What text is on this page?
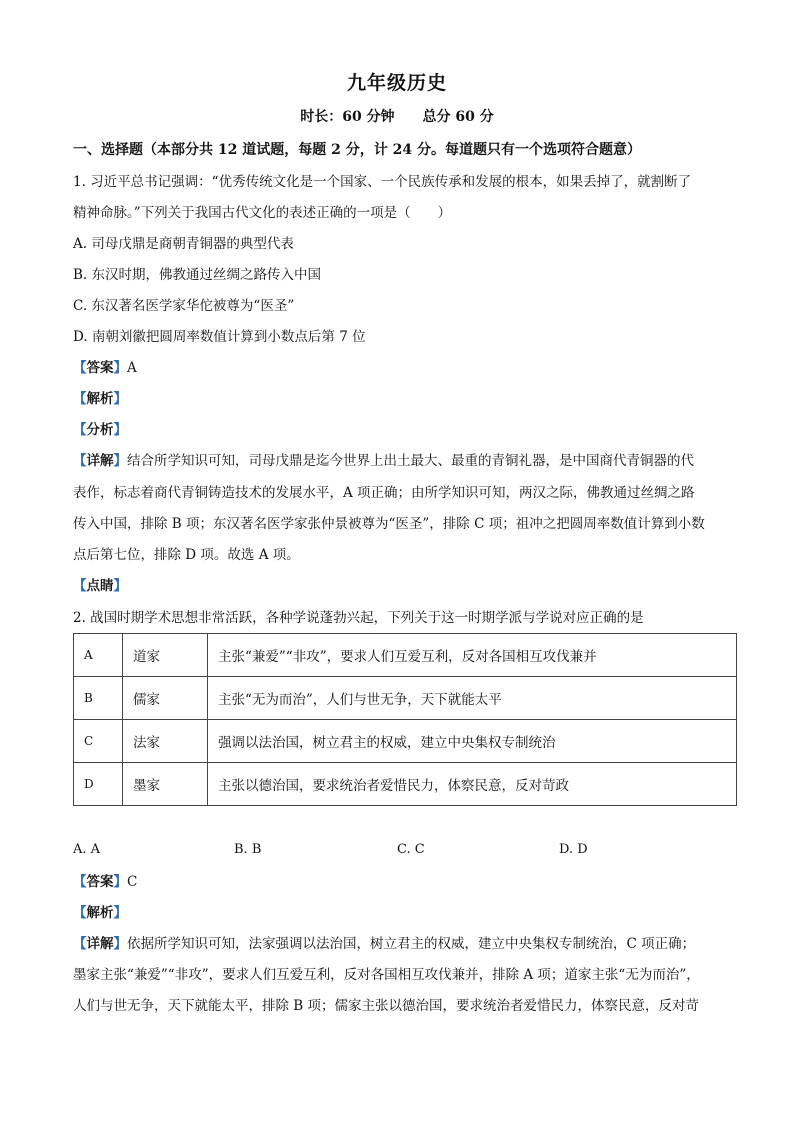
九年级历史
时长：60 分钟　　总分 60 分
一、选择题（本部分共 12 道试题，每题 2 分，计 24 分。每道题只有一个选项符合题意）
1. 习近平总书记强调：“优秀传统文化是一个国家、一个民族传承和发展的根本，如果丢掉了，就割断了
精神命脉。”下列关于我国古代文化的表述正确的一项是（　　）
A. 司母戊鼎是商朝青铜器的典型代表
B. 东汉时期，佛教通过丝绸之路传入中国
C. 东汉著名医学家华佗被尊为“医圣”
D. 南朝刘徽把圆周率数值计算到小数点后第 7 位
【答案】A
【解析】
【分析】
【详解】结合所学知识可知，司母戊鼎是迄今世界上出土最大、最重的青铜礼器，是中国商代青铜器的代
表作，标志着商代青铜铸造技术的发展水平，A 项正确；由所学知识可知，两汉之际，佛教通过丝绸之路
传入中国，排除 B 项；东汉著名医学家张仲景被尊为“医圣”，排除 C 项；祖冲之把圆周率数值计算到小数
点后第七位，排除 D 项。故选 A 项。
【点睛】
2. 战国时期学术思想非常活跃，各种学说蓬勃兴起，下列关于这一时期学派与学说对应正确的是
A	道家	主张“兼爱”“非攻”，要求人们互爱互利，反对各国相互攻伐兼并
B	儒家	主张“无为而治”，人们与世无争，天下就能太平
C	法家	强调以法治国，树立君主的权威，建立中央集权专制统治
D	墨家	主张以德治国，要求统治者爱惜民力，体察民意，反对苛政
A. A	B. B	C. C	D. D
【答案】C
【解析】
【详解】依据所学知识可知，法家强调以法治国，树立君主的权威，建立中央集权专制统治，C 项正确；
墨家主张“兼爱”“非攻”，要求人们互爱互利，反对各国相互攻伐兼并，排除 A 项；道家主张“无为而治”，
人们与世无争，天下就能太平，排除 B 项；儒家主张以德治国，要求统治者爱惜民力，体察民意，反对苛
